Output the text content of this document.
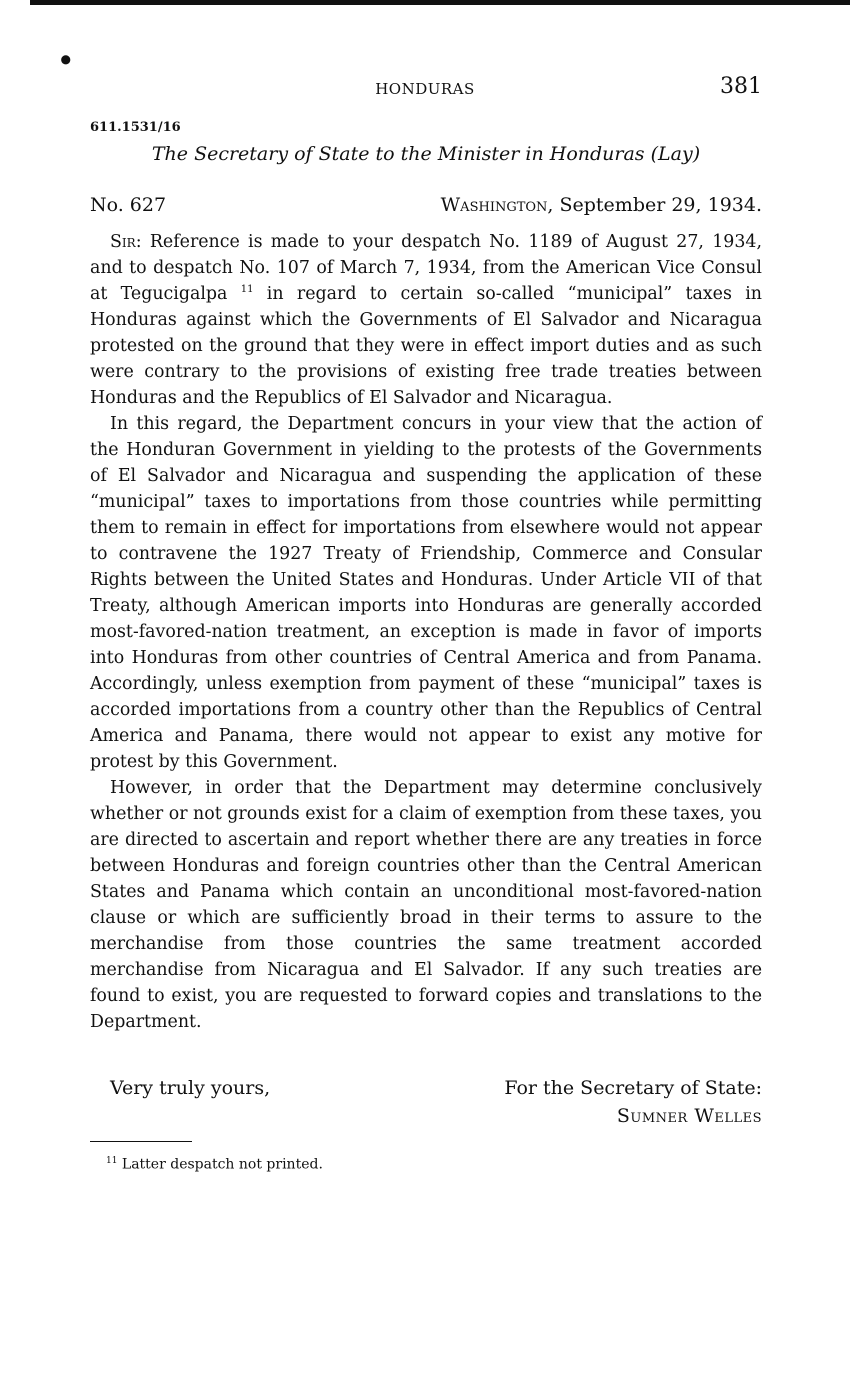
●
HONDURAS	381
611.1531/16
The Secretary of State to the Minister in Honduras (Lay)
No. 627	Washington, September 29, 1934.

Sir: Reference is made to your despatch No. 1189 of August 27, 1934, and to despatch No. 107 of March 7, 1934, from the American Vice Consul at Tegucigalpa $^{11}$ in regard to certain so-called “municipal” taxes in Honduras against which the Governments of El Salvador and Nicaragua protested on the ground that they were in effect import duties and as such were contrary to the provisions of existing free trade treaties between Honduras and the Republics of El Salvador and Nicaragua.

In this regard, the Department concurs in your view that the action of the Honduran Government in yielding to the protests of the Governments of El Salvador and Nicaragua and suspending the application of these “municipal” taxes to importations from those countries while permitting them to remain in effect for importations from elsewhere would not appear to contravene the 1927 Treaty of Friendship, Commerce and Consular Rights between the United States and Honduras. Under Article VII of that Treaty, although American imports into Honduras are generally accorded most-favored-nation treatment, an exception is made in favor of imports into Honduras from other countries of Central America and from Panama. Accordingly, unless exemption from payment of these “municipal” taxes is accorded importations from a country other than the Republics of Central America and Panama, there would not appear to exist any motive for protest by this Government.

However, in order that the Department may determine conclusively whether or not grounds exist for a claim of exemption from these taxes, you are directed to ascertain and report whether there are any treaties in force between Honduras and foreign countries other than the Central American States and Panama which contain an unconditional most-favored-nation clause or which are sufficiently broad in their terms to assure to the merchandise from those countries the same treatment accorded merchandise from Nicaragua and El Salvador. If any such treaties are found to exist, you are requested to forward copies and translations to the Department.

Very truly yours,	For the Secretary of State:
Sumner Welles
$^{11}$ Latter despatch not printed.
